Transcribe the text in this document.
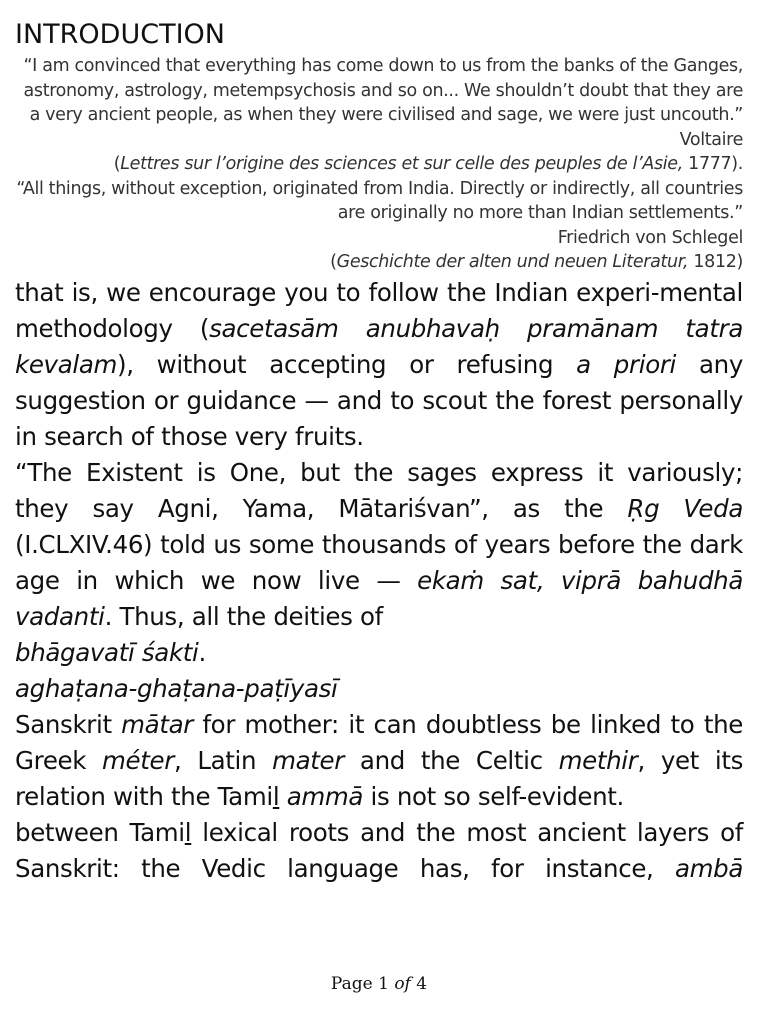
INTRODUCTION

“I am convinced that everything has come down to us from the banks of the Ganges,

astronomy, astrology, metempsychosis and so on... We shouldn’t doubt that they are a very ancient people, as when they were civilised and sage, we were just uncouth.”

Voltaire

(Lettres sur l’origine des sciences et sur celle des peuples de l’Asie, 1777).

“All things, without exception, originated from India. Directly or indirectly, all countries are originally no more than Indian settlements.”

Friedrich von Schlegel

(Geschichte der alten und neuen Literatur, 1812)

that is, we encourage you to follow the Indian experi-mental methodology (sacetasām anubhavaḥ pramānam tatra kevalam), without accepting or refusing a priori any suggestion or guidance — and to scout the forest personally in search of those very fruits.

“The Existent is One, but the sages express it variously; they say Agni, Yama, Mātariśvan”, as the Ṛg Veda (I.CLXIV.46) told us some thousands of years before the dark age in which we now live — ekaṁ sat, viprā bahudhā vadanti. Thus, all the deities of

bhāgavatī śakti.

aghaṭana-ghaṭana-paṭīyasī

Sanskrit mātar for mother: it can doubtless be linked to the Greek méter, Latin mater and the Celtic methir, yet its relation with the Tamil ammā is not so self-evident.

between Tamil lexical roots and the most ancient layers of Sanskrit: the Vedic language has, for instance, ambā

Page 1 of 4
